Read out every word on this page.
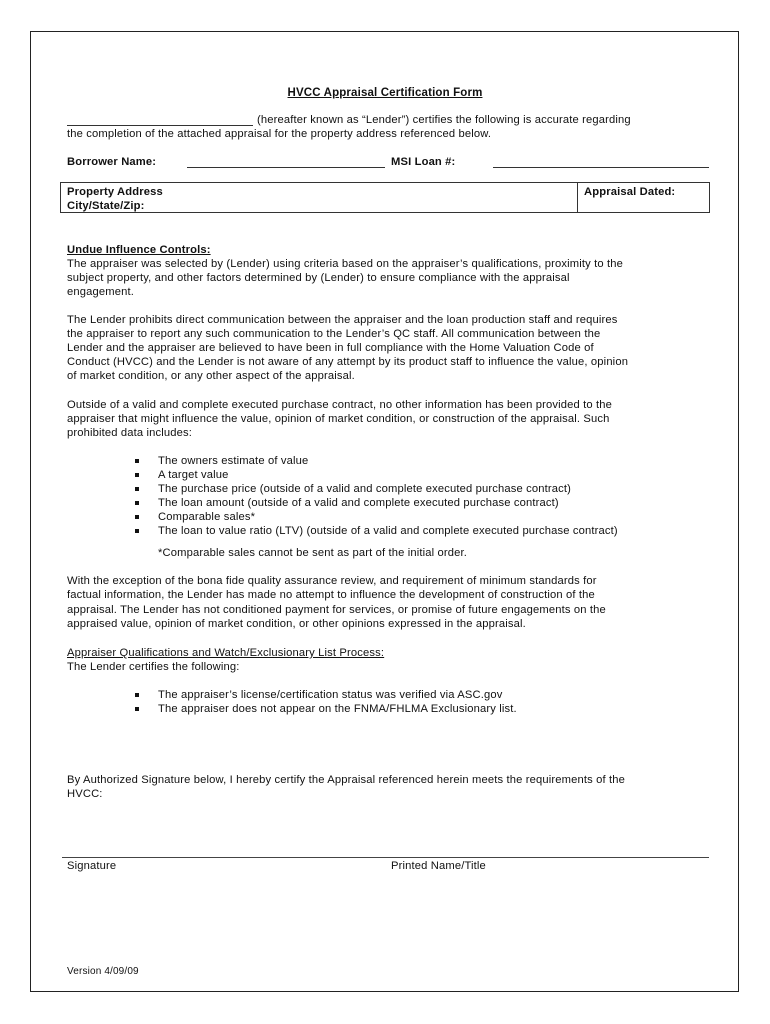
HVCC Appraisal Certification Form
(hereafter known as “Lender”) certifies the following is accurate regarding
the completion of the attached appraisal for the property address referenced below.
Borrower Name:	MSI Loan #:
Property Address
City/State/Zip:
Appraisal Dated:
Undue Influence Controls:
The appraiser was selected by (Lender) using criteria based on the appraiser’s qualifications, proximity to the
subject property, and other factors determined by (Lender) to ensure compliance with the appraisal
engagement.
The Lender prohibits direct communication between the appraiser and the loan production staff and requires
the appraiser to report any such communication to the Lender’s QC staff. All communication between the
Lender and the appraiser are believed to have been in full compliance with the Home Valuation Code of
Conduct (HVCC) and the Lender is not aware of any attempt by its product staff to influence the value, opinion
of market condition, or any other aspect of the appraisal.
Outside of a valid and complete executed purchase contract, no other information has been provided to the
appraiser that might influence the value, opinion of market condition, or construction of the appraisal. Such
prohibited data includes:
The owners estimate of value
A target value
The purchase price (outside of a valid and complete executed purchase contract)
The loan amount (outside of a valid and complete executed purchase contract)
Comparable sales*
The loan to value ratio (LTV) (outside of a valid and complete executed purchase contract)
*Comparable sales cannot be sent as part of the initial order.
With the exception of the bona fide quality assurance review, and requirement of minimum standards for
factual information, the Lender has made no attempt to influence the development of construction of the
appraisal. The Lender has not conditioned payment for services, or promise of future engagements on the
appraised value, opinion of market condition, or other opinions expressed in the appraisal.
Appraiser Qualifications and Watch/Exclusionary List Process:
The Lender certifies the following:
The appraiser’s license/certification status was verified via ASC.gov
The appraiser does not appear on the FNMA/FHLMA Exclusionary list.
By Authorized Signature below, I hereby certify the Appraisal referenced herein meets the requirements of the
HVCC:
Signature	Printed Name/Title
Version 4/09/09
